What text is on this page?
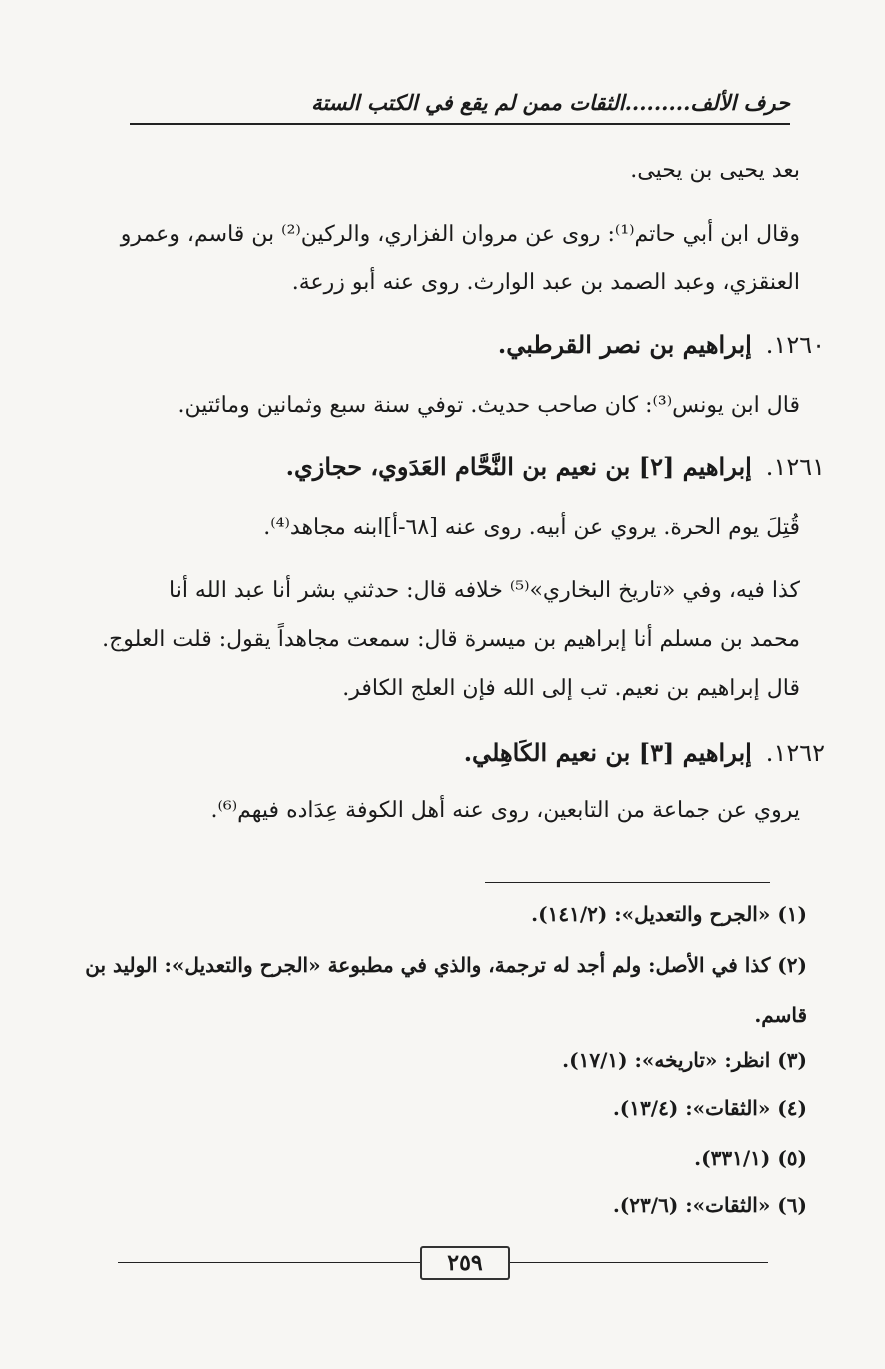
حرف الألف.........الثقات ممن لم يقع في الكتب الستة
بعد يحيى بن يحيى.
وقال ابن أبي حاتم⁽¹⁾: روى عن مروان الفزاري، والركين⁽²⁾ بن قاسم، وعمرو
العنقزي، وعبد الصمد بن عبد الوارث. روى عنه أبو زرعة.
١٢٦٠.إبراهيم بن نصر القرطبي.
قال ابن يونس⁽³⁾: كان صاحب حديث. توفي سنة سبع وثمانين ومائتين.
١٢٦١.إبراهيم [٢] بن نعيم بن النَّحَّام العَدَوي، حجازي.
قُتِلَ يوم الحرة. يروي عن أبيه. روى عنه [٦٨-أ]ابنه مجاهد⁽⁴⁾.
كذا فيه، وفي «تاريخ البخاري»⁽⁵⁾ خلافه قال: حدثني بشر أنا عبد الله أنا
محمد بن مسلم أنا إبراهيم بن ميسرة قال: سمعت مجاهداً يقول: قلت العلوج.
قال إبراهيم بن نعيم. تب إلى الله فإن العلج الكافر.
١٢٦٢.إبراهيم [٣] بن نعيم الكَاهِلي.
يروي عن جماعة من التابعين، روى عنه أهل الكوفة عِدَاده فيهم⁽⁶⁾.
(١) «الجرح والتعديل»: (١٤١/٢).
(٢) كذا في الأصل: ولم أجد له ترجمة، والذي في مطبوعة «الجرح والتعديل»: الوليد بن
قاسم.
(٣) انظر: «تاريخه»: (١٧/١).
(٤) «الثقات»: (١٣/٤).
(٥) (٣٣١/١).
(٦) «الثقات»: (٢٣/٦).
٢٥٩
